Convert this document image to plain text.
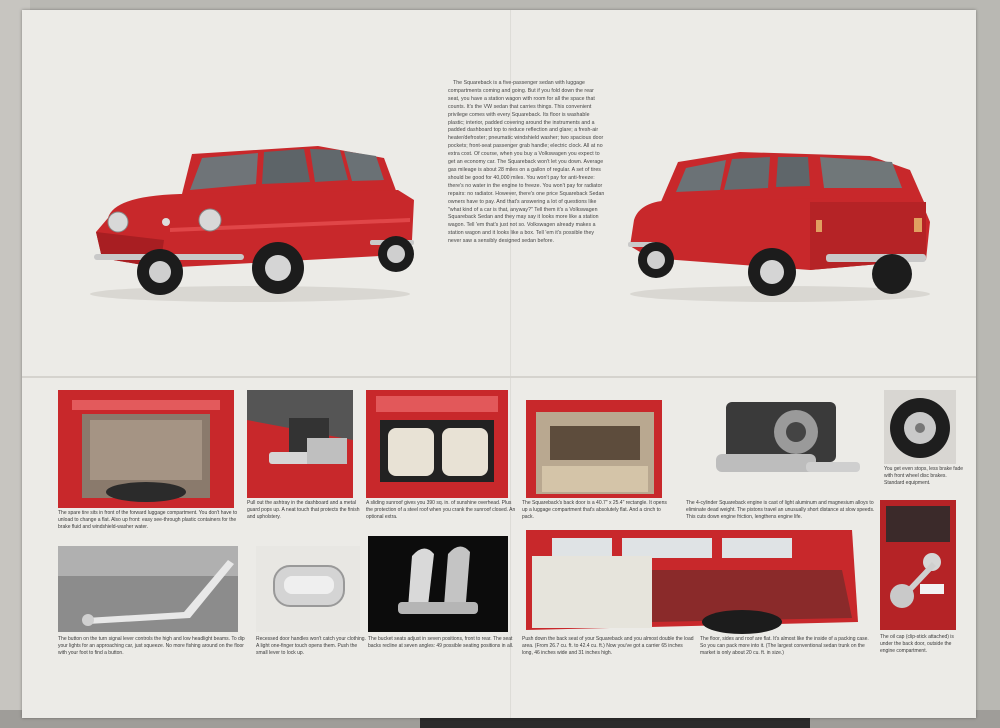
The Squareback is a five-passenger sedan with luggage compartments coming and going. But if you fold down the rear seat, you have a station wagon with room for all the space that counts. It's the VW sedan that carries things. This convenient privilege comes with every Squareback. Its floor is washable plastic; interior, padded covering around the instruments and a padded dashboard top to reduce reflection and glare; a fresh-air heater/defroster; pneumatic windshield washer; two spacious door pockets; front-seat passenger grab handle; electric clock. All at no extra cost. Of course, when you buy a Volkswagen you expect to get an economy car. The Squareback won't let you down. Average gas mileage is about 28 miles on a gallon of regular. A set of tires should be good for 40,000 miles. You won't pay for anti-freeze: there's no water in the engine to freeze. You won't pay for radiator repairs: no radiator. However, there's one price Squareback Sedan owners have to pay. And that's answering a lot of questions like "what kind of a car is that, anyway?" Tell them it's a Volkswagen Squareback Sedan and they may say it looks more like a station wagon. Tell 'em that's just not so. Volkswagen already makes a station wagon and it looks like a box. Tell 'em it's possible they never saw a sensibly designed sedan before.
The spare tire sits in front of the forward luggage compartment. You don't have to unload to change a flat. Also up front: easy see-through plastic containers for the brake fluid and windshield-washer water.
Pull out the ashtray in the dashboard and a metal guard pops up. A neat touch that protects the finish and upholstery.
A sliding sunroof gives you 390 sq. in. of sunshine overhead. Plus the protection of a steel roof when you crank the sunroof closed. An optional extra.
The Squareback's back door is a 40.7" x 25.4" rectangle. It opens up a luggage compartment that's absolutely flat. And a cinch to pack.
The 4-cylinder Squareback engine is cast of light aluminum and magnesium alloys to eliminate dead weight. The pistons travel an unusually short distance at slow speeds. This cuts down engine friction, lengthens engine life.
You get even stops, less brake fade with front wheel disc brakes. Standard equipment.
The button on the turn signal lever controls the high and low headlight beams. To dip your lights for an approaching car, just squeeze. No more fishing around on the floor with your foot to find a button.
Recessed door handles won't catch your clothing. A light one-finger touch opens them. Push the small lever to lock up.
The bucket seats adjust in seven positions, front to rear. The seat backs recline at seven angles: 49 possible seating positions in all.
Push down the back seat of your Squareback and you almost double the load area. (From 26.7 cu. ft. to 42.4 cu. ft.) Now you've got a carrier 65 inches long, 46 inches wide and 31 inches high.
The floor, sides and roof are flat. It's almost like the inside of a packing case. So you can pack more into it. (The largest conventional sedan trunk on the market is only about 20 cu. ft. in size.)
The oil cap (clip-stick attached) is under the back door, outside the engine compartment.
